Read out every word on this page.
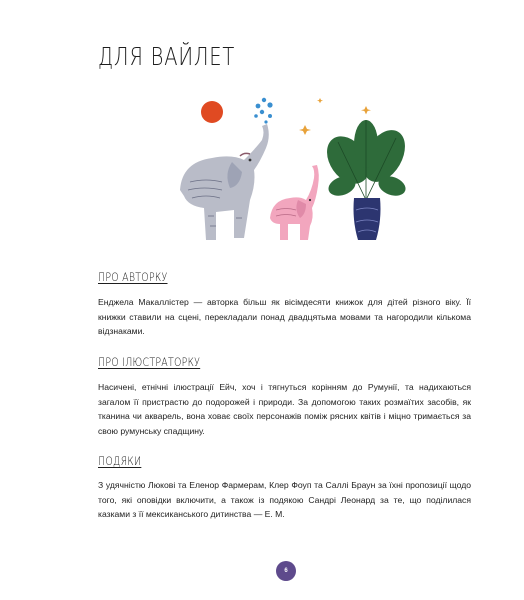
ДЛЯ ВАЙЛЕТ
ПРО АВТОРКУ

Енджела Макалліcтер — авторка більш як вісімдесяти книжок для дітей різного віку. Її книжки ставили на сцені, перекладали понад двадцятьма мовами та нагородили кількома відзнаками.

ПРО ІЛЮСТРАТОРКУ

Насичені, етнічні ілюстрації Ейч, хоч і тягнуться корінням до Румунії, та надихаються загалом її пристрастю до подорожей і природи. За допомогою таких розмаїтих засобів, як тканина чи акварель, вона ховає своїх персонажів поміж рясних квітів і міцно тримається за свою румунську спадщину.

ПОДЯКИ

З удячністю Люкові та Еленор Фармерам, Клер Фоуп та Саллі Браун за їхні пропозиції щодо того, які оповідки включити, а також із подякою Сандрі Леонард за те, що поділилася казками з її мексиканського дитинства — Е. М.

6
